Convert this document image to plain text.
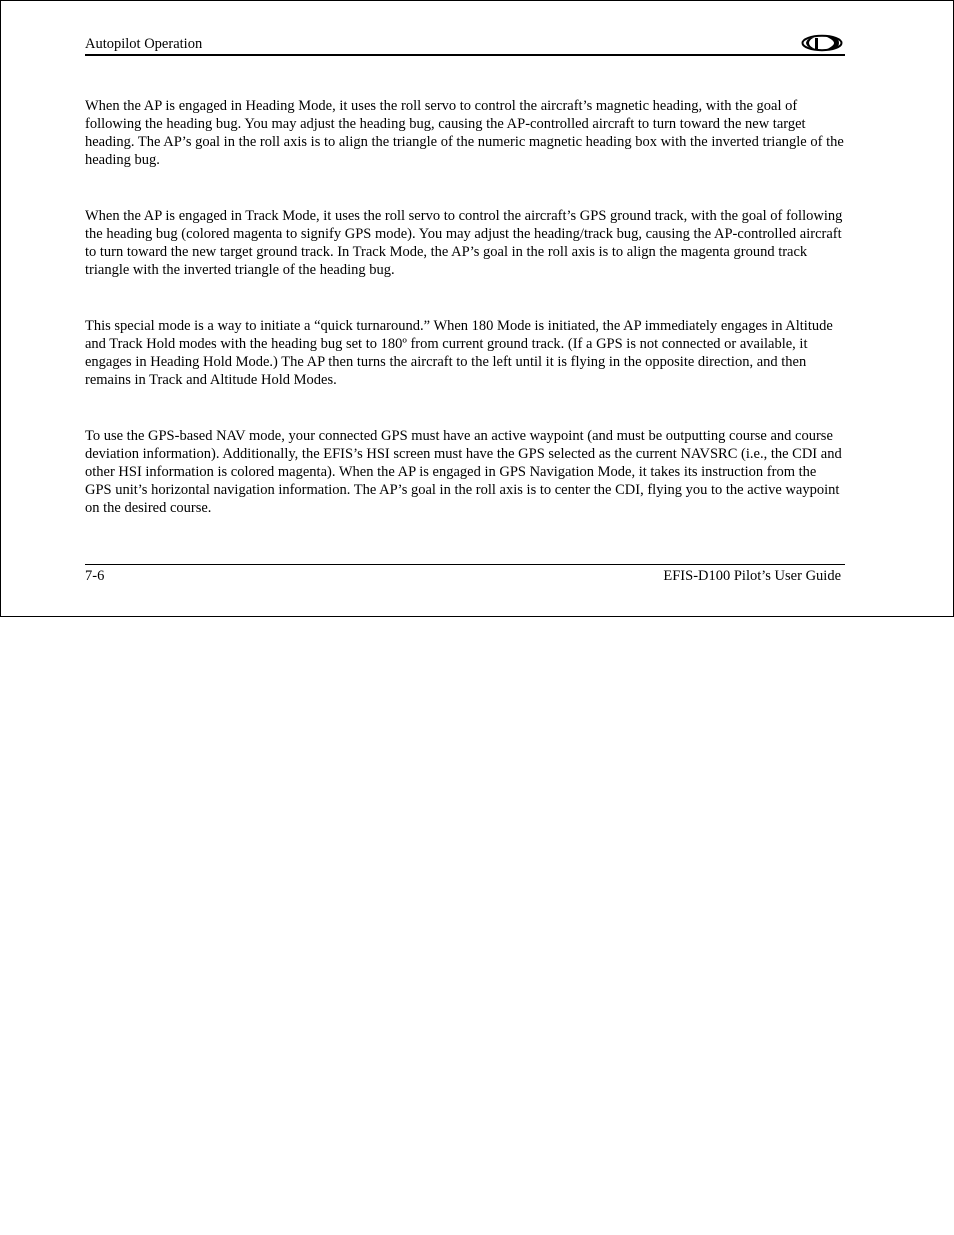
Autopilot Operation

When the AP is engaged in Heading Mode, it uses the roll servo to control the aircraft’s magnetic heading, with the goal of following the heading bug. You may adjust the heading bug, causing the AP-controlled aircraft to turn toward the new target heading. The AP’s goal in the roll axis is to align the triangle of the numeric magnetic heading box with the inverted triangle of the heading bug.

When the AP is engaged in Track Mode, it uses the roll servo to control the aircraft’s GPS ground track, with the goal of following the heading bug (colored magenta to signify GPS mode). You may adjust the heading/track bug, causing the AP-controlled aircraft to turn toward the new target ground track. In Track Mode, the AP’s goal in the roll axis is to align the magenta ground track triangle with the inverted triangle of the heading bug.

This special mode is a way to initiate a “quick turnaround.” When 180 Mode is initiated, the AP immediately engages in Altitude and Track Hold modes with the heading bug set to 180º from current ground track. (If a GPS is not connected or available, it engages in Heading Hold Mode.) The AP then turns the aircraft to the left until it is flying in the opposite direction, and then remains in Track and Altitude Hold Modes.

To use the GPS-based NAV mode, your connected GPS must have an active waypoint (and must be outputting course and course deviation information). Additionally, the EFIS’s HSI screen must have the GPS selected as the current NAVSRC (i.e., the CDI and other HSI information is colored magenta). When the AP is engaged in GPS Navigation Mode, it takes its instruction from the GPS unit’s horizontal navigation information. The AP’s goal in the roll axis is to center the CDI, flying you to the active waypoint on the desired course.

7-6	EFIS-D100 Pilot’s User Guide
